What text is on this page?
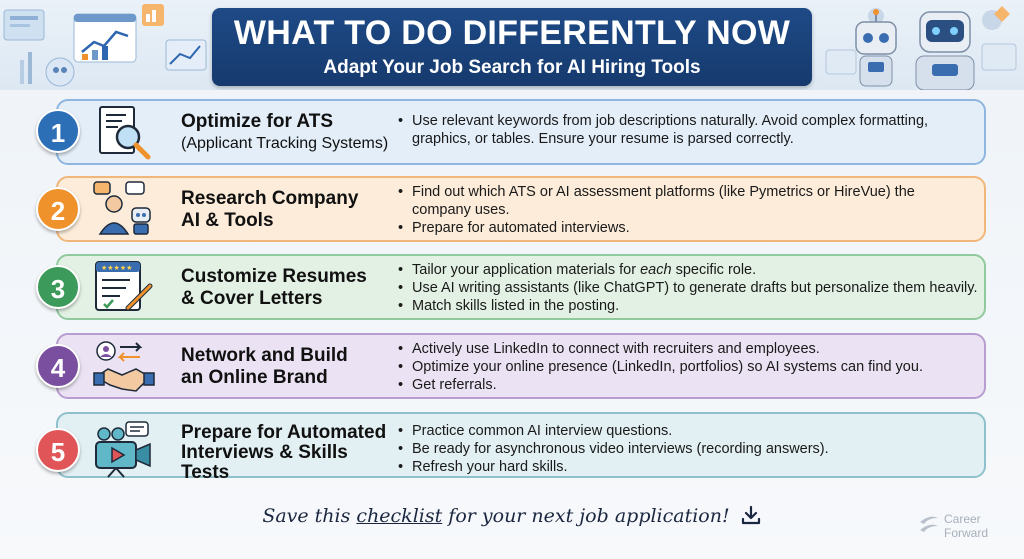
WHAT TO DO DIFFERENTLY NOW
Adapt Your Job Search for AI Hiring Tools
1	Optimize for ATS
(Applicant Tracking Systems)
• Use relevant keywords from job descriptions naturally. Avoid complex formatting, graphics, or tables. Ensure your resume is parsed correctly.
2	Research Company
AI & Tools
• Find out which ATS or AI assessment platforms (like Pymetrics or HireVue) the company uses.
• Prepare for automated interviews.
3
★★★★★	Customize Resumes
& Cover Letters
• Tailor your application materials for each specific role.
• Use AI writing assistants (like ChatGPT) to generate drafts but personalize them heavily.
• Match skills listed in the posting.
4	Network and Build
an Online Brand
• Actively use LinkedIn to connect with recruiters and employees.
• Optimize your online presence (LinkedIn, portfolios) so AI systems can find you.
• Get referrals.
5
Prepare for Automated
Interviews & Skills
Tests
• Practice common AI interview questions.
• Be ready for asynchronous video interviews (recording answers).
• Refresh your hard skills.
Save this checklist for your next job application!	Career
Forward
